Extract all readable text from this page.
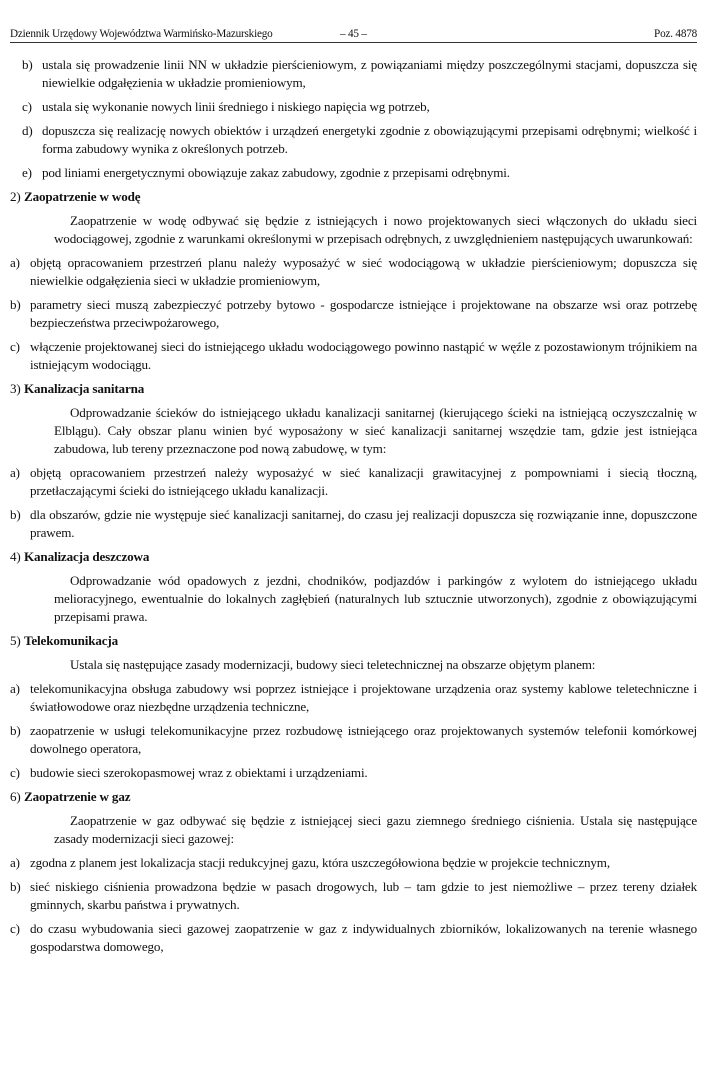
Dziennik Urzędowy Województwa Warmińsko-Mazurskiego	– 45 –	Poz. 4878
b) ustala się prowadzenie linii NN w układzie pierścieniowym, z powiązaniami między poszczególnymi stacjami, dopuszcza się niewielkie odgałęzienia w układzie promieniowym,
c) ustala się wykonanie nowych linii średniego i niskiego napięcia wg potrzeb,
d) dopuszcza się realizację nowych obiektów i urządzeń energetyki zgodnie z obowiązującymi przepisami odrębnymi; wielkość i forma zabudowy wynika z określonych potrzeb.
e) pod liniami energetycznymi obowiązuje zakaz zabudowy, zgodnie z przepisami odrębnymi.
2) Zaopatrzenie w wodę
Zaopatrzenie w wodę odbywać się będzie z istniejących i nowo projektowanych sieci włączonych do układu sieci wodociągowej, zgodnie z warunkami określonymi w przepisach odrębnych, z uwzględnieniem następujących uwarunkowań:
a) objętą opracowaniem przestrzeń planu należy wyposażyć w sieć wodociągową w układzie pierścieniowym; dopuszcza się niewielkie odgałęzienia sieci w układzie promieniowym,
b) parametry sieci muszą zabezpieczyć potrzeby bytowo - gospodarcze istniejące i projektowane na obszarze wsi oraz potrzebę bezpieczeństwa przeciwpożarowego,
c) włączenie projektowanej sieci do istniejącego układu wodociągowego powinno nastąpić w węźle z pozostawionym trójnikiem na istniejącym wodociągu.
3) Kanalizacja sanitarna
Odprowadzanie ścieków do istniejącego układu kanalizacji sanitarnej (kierującego ścieki na istniejącą oczyszczalnię w Elblągu). Cały obszar planu winien być wyposażony w sieć kanalizacji sanitarnej wszędzie tam, gdzie jest istniejąca zabudowa, lub tereny przeznaczone pod nową zabudowę, w tym:
a) objętą opracowaniem przestrzeń należy wyposażyć w sieć kanalizacji grawitacyjnej z pompowniami i siecią tłoczną, przetłaczającymi ścieki do istniejącego układu kanalizacji.
b) dla obszarów, gdzie nie występuje sieć kanalizacji sanitarnej, do czasu jej realizacji dopuszcza się rozwiązanie inne, dopuszczone prawem.
4) Kanalizacja deszczowa
Odprowadzanie wód opadowych z jezdni, chodników, podjazdów i parkingów z wylotem do istniejącego układu melioracyjnego, ewentualnie do lokalnych zagłębień (naturalnych lub sztucznie utworzonych), zgodnie z obowiązującymi przepisami prawa.
5) Telekomunikacja
Ustala się następujące zasady modernizacji, budowy sieci teletechnicznej na obszarze objętym planem:
a) telekomunikacyjna obsługa zabudowy wsi poprzez istniejące i projektowane urządzenia oraz systemy kablowe teletechniczne i światłowodowe oraz niezbędne urządzenia techniczne,
b) zaopatrzenie w usługi telekomunikacyjne przez rozbudowę istniejącego oraz projektowanych systemów telefonii komórkowej dowolnego operatora,
c) budowie sieci szerokopasmowej wraz z obiektami i urządzeniami.
6) Zaopatrzenie w gaz
Zaopatrzenie w gaz odbywać się będzie z istniejącej sieci gazu ziemnego średniego ciśnienia. Ustala się następujące zasady modernizacji sieci gazowej:
a) zgodna z planem jest lokalizacja stacji redukcyjnej gazu, która uszczegółowiona będzie w projekcie technicznym,
b) sieć niskiego ciśnienia prowadzona będzie w pasach drogowych, lub – tam gdzie to jest niemożliwe – przez tereny działek gminnych, skarbu państwa i prywatnych.
c) do czasu wybudowania sieci gazowej zaopatrzenie w gaz z indywidualnych zbiorników, lokalizowanych na terenie własnego gospodarstwa domowego,
